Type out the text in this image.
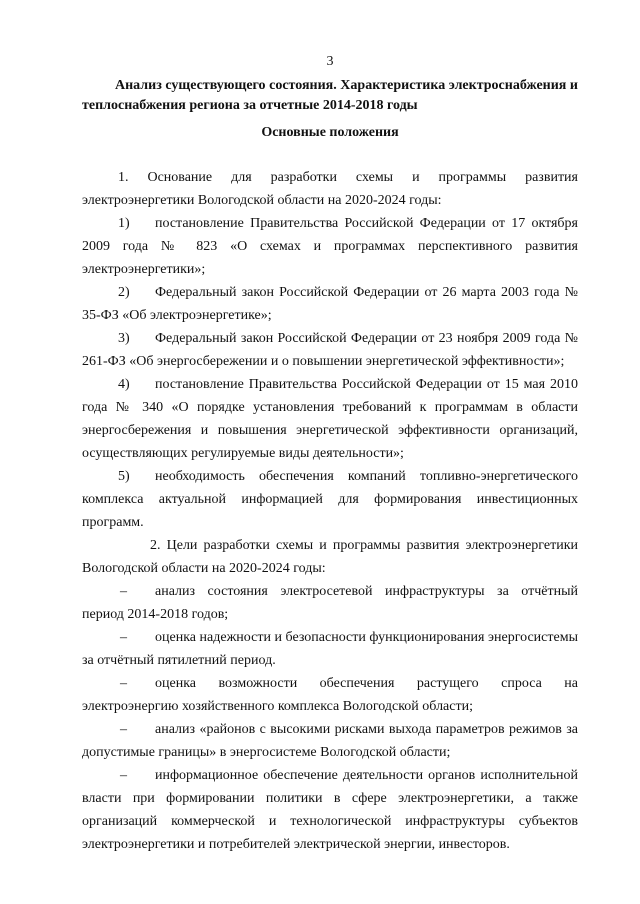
3

Анализ существующего состояния. Характеристика электроснабжения и теплоснабжения региона за отчетные 2014-2018 годы

Основные положения

1. Основание для разработки схемы и программы развития электроэнергетики Вологодской области на 2020-2024 годы:

1) постановление Правительства Российской Федерации от 17 октября 2009 года № 823 «О схемах и программах перспективного развития электроэнергетики»;

2) Федеральный закон Российской Федерации от 26 марта 2003 года № 35-ФЗ «Об электроэнергетике»;

3) Федеральный закон Российской Федерации от 23 ноября 2009 года № 261-ФЗ «Об энергосбережении и о повышении энергетической эффективности»;

4) постановление Правительства Российской Федерации от 15 мая 2010 года № 340 «О порядке установления требований к программам в области энергосбережения и повышения энергетической эффективности организаций, осуществляющих регулируемые виды деятельности»;

5) необходимость обеспечения компаний топливно-энергетического комплекса актуальной информацией для формирования инвестиционных программ.

2. Цели разработки схемы и программы развития электроэнергетики Вологодской области на 2020-2024 годы:

– анализ состояния электросетевой инфраструктуры за отчётный период 2014-2018 годов;

– оценка надежности и безопасности функционирования энергосистемы за отчётный пятилетний период.

– оценка возможности обеспечения растущего спроса на электроэнергию хозяйственного комплекса Вологодской области;

– анализ «районов с высокими рисками выхода параметров режимов за допустимые границы» в энергосистеме Вологодской области;

– информационное обеспечение деятельности органов исполнительной власти при формировании политики в сфере электроэнергетики, а также организаций коммерческой и технологической инфраструктуры субъектов электроэнергетики и потребителей электрической энергии, инвесторов.
